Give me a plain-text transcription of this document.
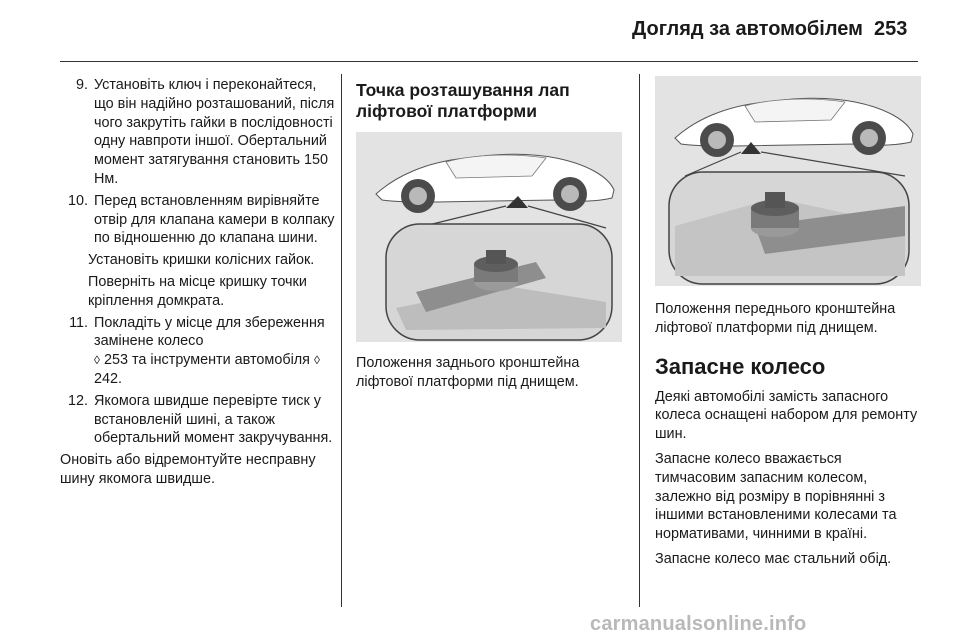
Догляд за автомобілем 253
9. Установіть ключ і переконайтеся, що він надійно розташований, після чого закрутіть гайки в послідовності одну навпроти іншої. Обертальний момент затягування становить 150 Нм.
10. Перед встановленням вирівняйте отвір для клапана камери в колпаку по відношенню до клапана шини.
Установіть кришки колісних гайок.
Поверніть на місце кришку точки кріплення домкрата.
11. Покладіть у місце для збереження замінене колесо
◊ 253 та інструменти автомобіля ◊ 242.
12. Якомога швидше перевірте тиск у встановленій шині, а також обертальний момент закручування.
Оновіть або відремонтуйте несправну шину якомога швидше.
Точка розташування лап ліфтової платформи
Положення заднього кронштейна ліфтової платформи під днищем.
Положення переднього кронштейна ліфтової платформи під днищем.
Запасне колесо
Деякі автомобілі замість запасного колеса оснащені набором для ремонту шин.
Запасне колесо вважається тимчасовим запасним колесом, залежно від розміру в порівнянні з іншими встановленими колесами та нормативами, чинними в країні.
Запасне колесо має стальний обід.
carmanualsonline.info
